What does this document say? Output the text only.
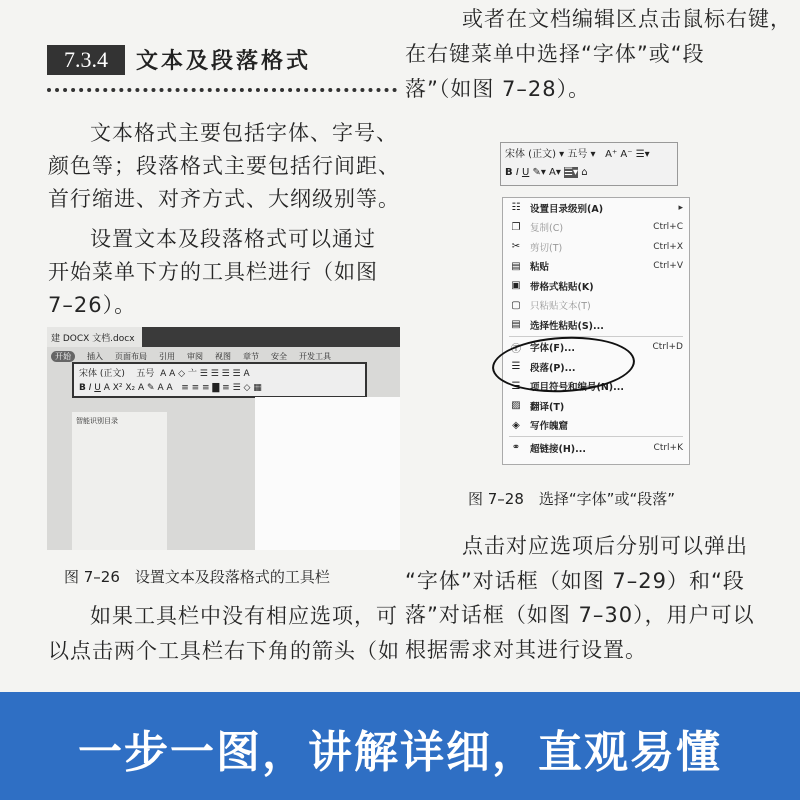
7.3.4	文本及段落格式
文本格式主要包括字体、字号、
颜色等；段落格式主要包括行间距、
首行缩进、对齐方式、大纲级别等。
设置文本及段落格式可以通过
开始菜单下方的工具栏进行（如图
7–26）。
建 DOCX 文档.docx
开始	插入 页面布局 引用 审阅 视图 章节 安全 开发工具
宋体 (正文) 五号  A A ◇ 亠 ☰ ☰ ☰ ☰ A
B I U A X² X₂ A ✎ A A   ≡ ≡ ≡ ▇ ≡ ☰ ◇ ▦
智能识别目录
图 7–26　设置文本及段落格式的工具栏
如果工具栏中没有相应选项，可
以点击两个工具栏右下角的箭头（如
或者在文档编辑区点击鼠标右键，
在右键菜单中选择“字体”或“段
落”（如图 7–28）。
宋体 (正文) ▾ 五号 ▾   A⁺ A⁻ ☰▾
B I U ✎▾ A▾ ☰▾ ⌂
☷ 设置目录级别(A)	▸
❐ 复制(C)	Ctrl+C
✂ 剪切(T)	Ctrl+X
▤ 粘贴	Ctrl+V
▣ 带格式粘贴(K)
▢ 只粘贴文本(T)
▤ 选择性粘贴(S)...
Ⓣ 字体(F)...	Ctrl+D
☰ 段落(P)...
☰ 项目符号和编号(N)...
▨ 翻译(T)
◈	写作魄窟
⚭ 超链接(H)...	Ctrl+K
图 7–28　选择“字体”或“段落”
点击对应选项后分别可以弹出
“字体”对话框（如图 7–29）和“段
落”对话框（如图 7–30），用户可以
根据需求对其进行设置。
一步一图，讲解详细，直观易懂
